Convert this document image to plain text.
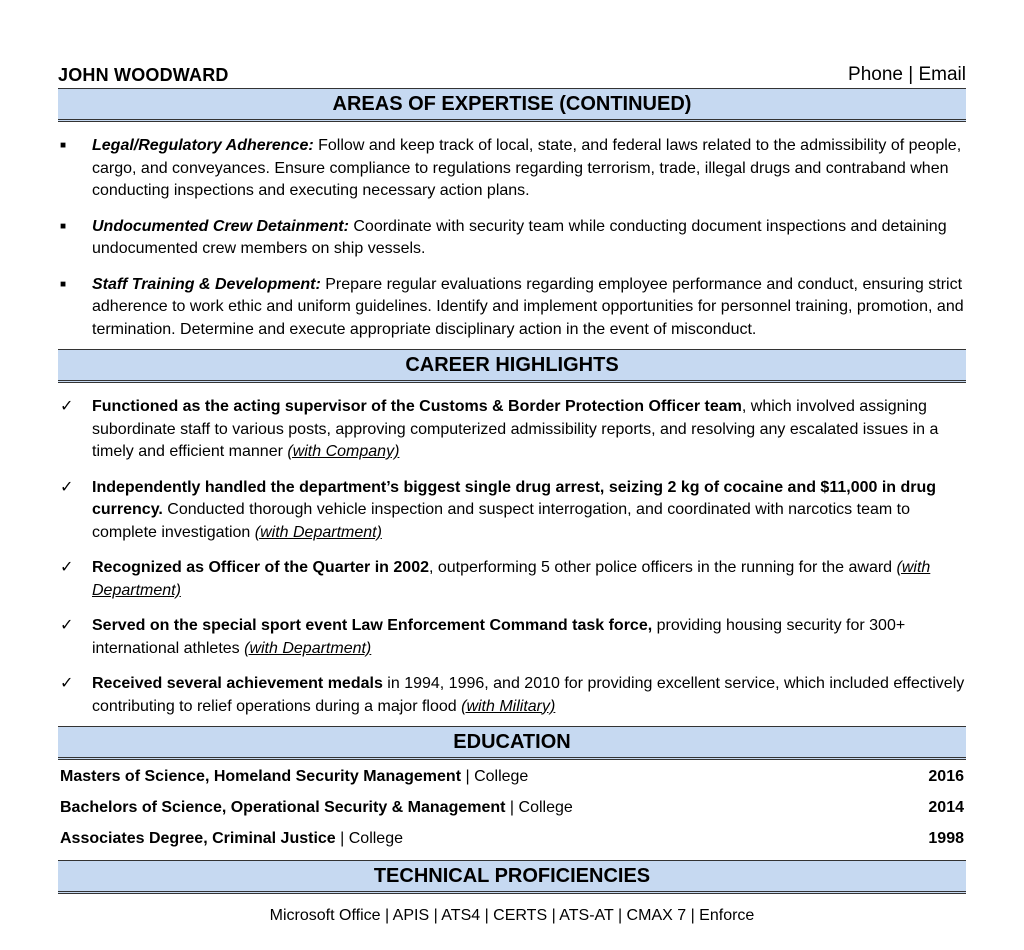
JOHN WOODWARD	Phone | Email
AREAS OF EXPERTISE (CONTINUED)
■	Legal/Regulatory Adherence: Follow and keep track of local, state, and federal laws related to the admissibility of people, cargo, and conveyances. Ensure compliance to regulations regarding terrorism, trade, illegal drugs and contraband when conducting inspections and executing necessary action plans.
■	Undocumented Crew Detainment: Coordinate with security team while conducting document inspections and detaining undocumented crew members on ship vessels.
■	Staff Training & Development: Prepare regular evaluations regarding employee performance and conduct, ensuring strict adherence to work ethic and uniform guidelines. Identify and implement opportunities for personnel training, promotion, and termination. Determine and execute appropriate disciplinary action in the event of misconduct.
CAREER HIGHLIGHTS
✓	Functioned as the acting supervisor of the Customs & Border Protection Officer team, which involved assigning subordinate staff to various posts, approving computerized admissibility reports, and resolving any escalated issues in a timely and efficient manner (with Company)
✓	Independently handled the department’s biggest single drug arrest, seizing 2 kg of cocaine and $11,000 in drug currency. Conducted thorough vehicle inspection and suspect interrogation, and coordinated with narcotics team to complete investigation (with Department)
✓	Recognized as Officer of the Quarter in 2002, outperforming 5 other police officers in the running for the award (with Department)
✓	Served on the special sport event Law Enforcement Command task force, providing housing security for 300+ international athletes (with Department)
✓	Received several achievement medals in 1994, 1996, and 2010 for providing excellent service, which included effectively contributing to relief operations during a major flood (with Military)
EDUCATION
Masters of Science, Homeland Security Management | College	2016
Bachelors of Science, Operational Security & Management | College	2014
Associates Degree, Criminal Justice | College	1998
TECHNICAL PROFICIENCIES
Microsoft Office | APIS | ATS4 | CERTS | ATS-AT | CMAX 7 | Enforce
